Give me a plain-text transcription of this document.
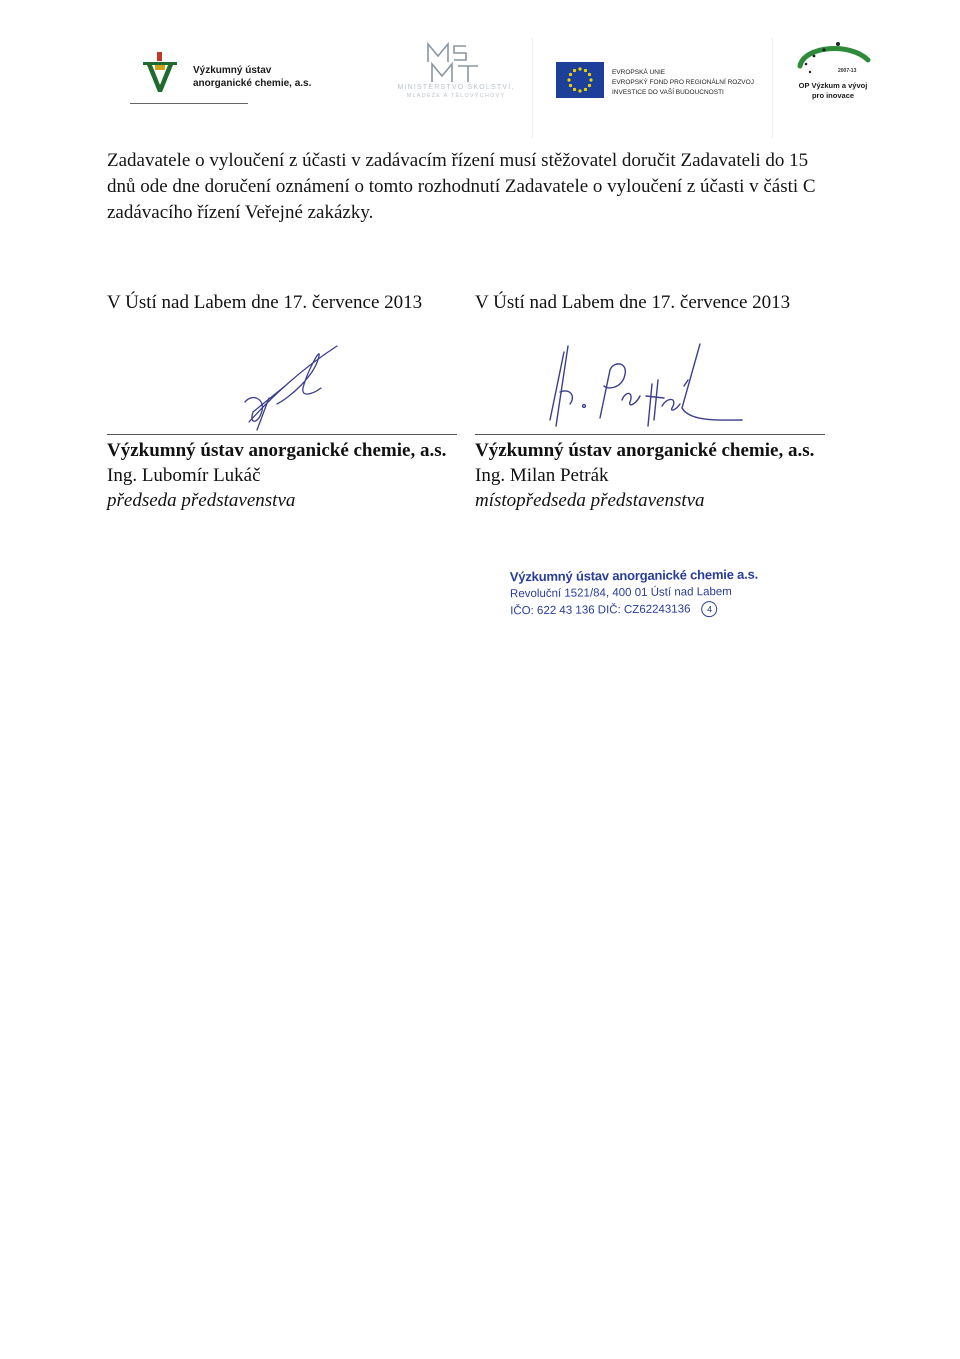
Výzkumný ústav
anorganické chemie, a.s.	MINISTERSTVO ŠKOLSTVÍ,
MLÁDEŽE A TĚLOVÝCHOVY
EVROPSKÁ UNIE
EVROPSKÝ FOND PRO REGIONÁLNÍ ROZVOJ
INVESTICE DO VAŠÍ BUDOUCNOSTI
2007-13
OP Výzkum a vývoj
pro inovace
Zadavatele o vyloučení z účasti v zadávacím řízení musí stěžovatel doručit Zadavateli do 15
dnů ode dne doručení oznámení o tomto rozhodnutí Zadavatele o vyloučení z účasti v části C
zadávacího řízení Veřejné zakázky.
V Ústí nad Labem dne 17. července 2013
Výzkumný ústav anorganické chemie, a.s.
Ing. Lubomír Lukáč
předseda představenstva
V Ústí nad Labem dne 17. července 2013
Výzkumný ústav anorganické chemie, a.s.
Ing. Milan Petrák
místopředseda představenstva
Výzkumný ústav anorganické chemie a.s.
Revoluční 1521/84, 400 01 Ústí nad Labem
IČO: 622 43 136 DIČ: CZ62243136 4
